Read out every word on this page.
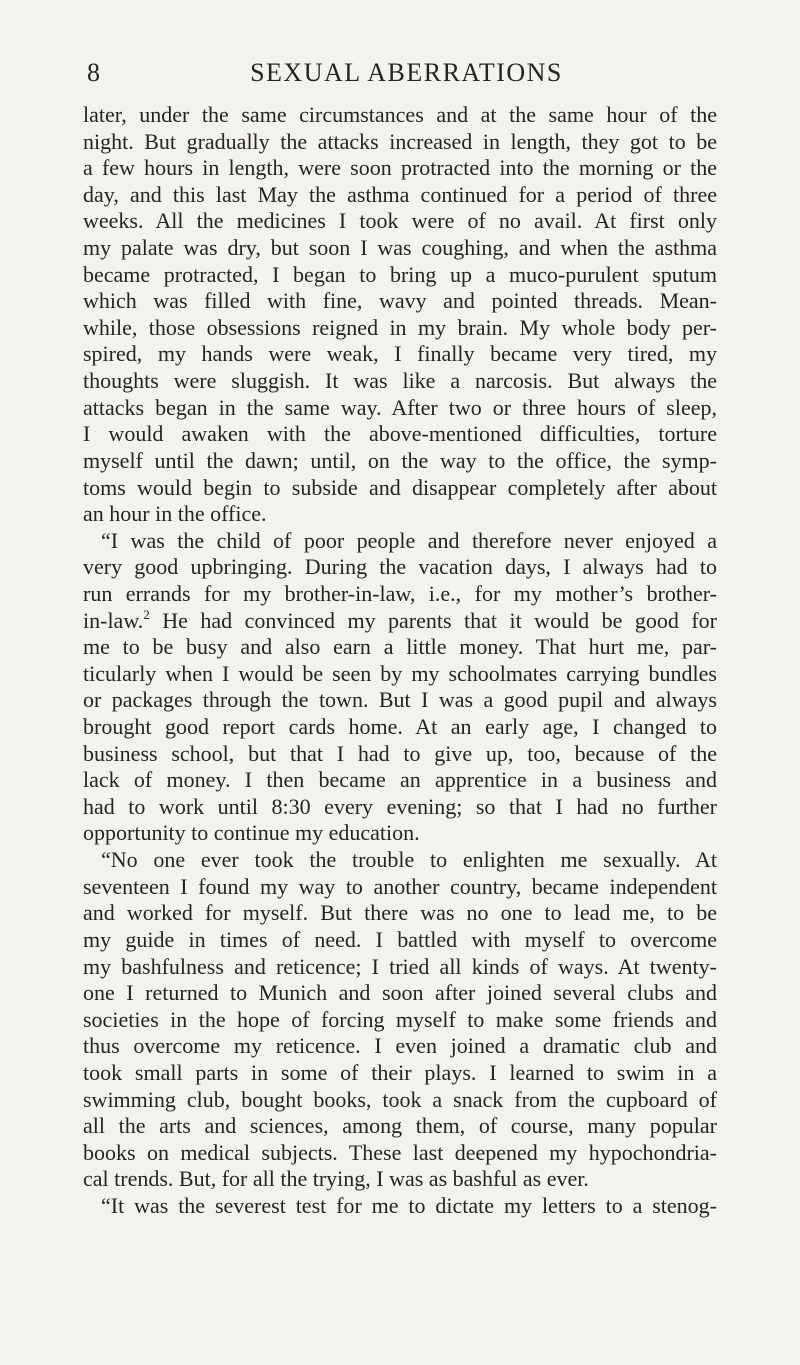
8	SEXUAL ABERRATIONS
later, under the same circumstances and at the same hour of the
night. But gradually the attacks increased in length, they got to be
a few hours in length, were soon protracted into the morning or the
day, and this last May the asthma continued for a period of three
weeks. All the medicines I took were of no avail. At first only
my palate was dry, but soon I was coughing, and when the asthma
became protracted, I began to bring up a muco-purulent sputum
which was filled with fine, wavy and pointed threads. Mean-
while, those obsessions reigned in my brain. My whole body per-
spired, my hands were weak, I finally became very tired, my
thoughts were sluggish. It was like a narcosis. But always the
attacks began in the same way. After two or three hours of sleep,
I would awaken with the above-mentioned difficulties, torture
myself until the dawn; until, on the way to the office, the symp-
toms would begin to subside and disappear completely after about
an hour in the office.
“I was the child of poor people and therefore never enjoyed a
very good upbringing. During the vacation days, I always had to
run errands for my brother-in-law, i.e., for my mother’s brother-
in-law.$^2$ He had convinced my parents that it would be good for
me to be busy and also earn a little money. That hurt me, par-
ticularly when I would be seen by my schoolmates carrying bundles
or packages through the town. But I was a good pupil and always
brought good report cards home. At an early age, I changed to
business school, but that I had to give up, too, because of the
lack of money. I then became an apprentice in a business and
had to work until 8:30 every evening; so that I had no further
opportunity to continue my education.
“No one ever took the trouble to enlighten me sexually. At
seventeen I found my way to another country, became independent
and worked for myself. But there was no one to lead me, to be
my guide in times of need. I battled with myself to overcome
my bashfulness and reticence; I tried all kinds of ways. At twenty-
one I returned to Munich and soon after joined several clubs and
societies in the hope of forcing myself to make some friends and
thus overcome my reticence. I even joined a dramatic club and
took small parts in some of their plays. I learned to swim in a
swimming club, bought books, took a snack from the cupboard of
all the arts and sciences, among them, of course, many popular
books on medical subjects. These last deepened my hypochondria-
cal trends. But, for all the trying, I was as bashful as ever.
“It was the severest test for me to dictate my letters to a stenog-
